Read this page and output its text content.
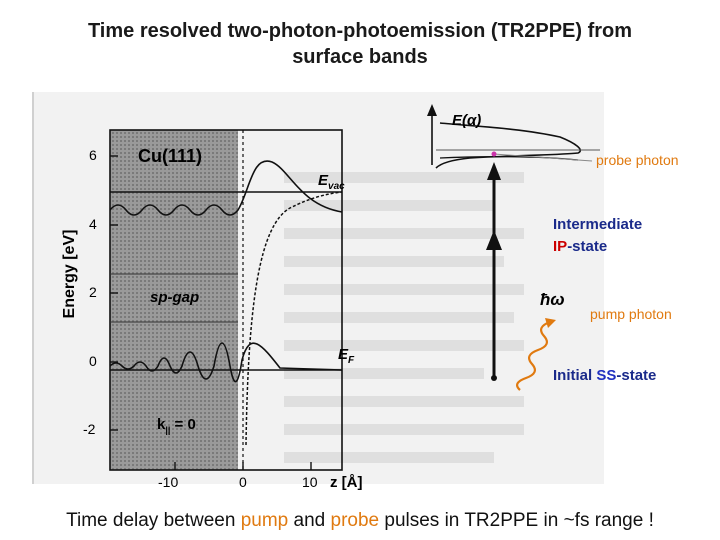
Time resolved two-photon-photoemission (TR2PPE) from
surface bands
Cu(111)
6
4
2
0
-2
Energy [eV]
-10	0	10 z [Å]
$E_{vac}$
$E_F$
sp-gap
$k_{||} = 0$
E(α)
ħω
probe photon
Intermediate
IP-state
pump photon
Initial SS-state
Time delay between pump and probe pulses in TR2PPE in ~fs range !
